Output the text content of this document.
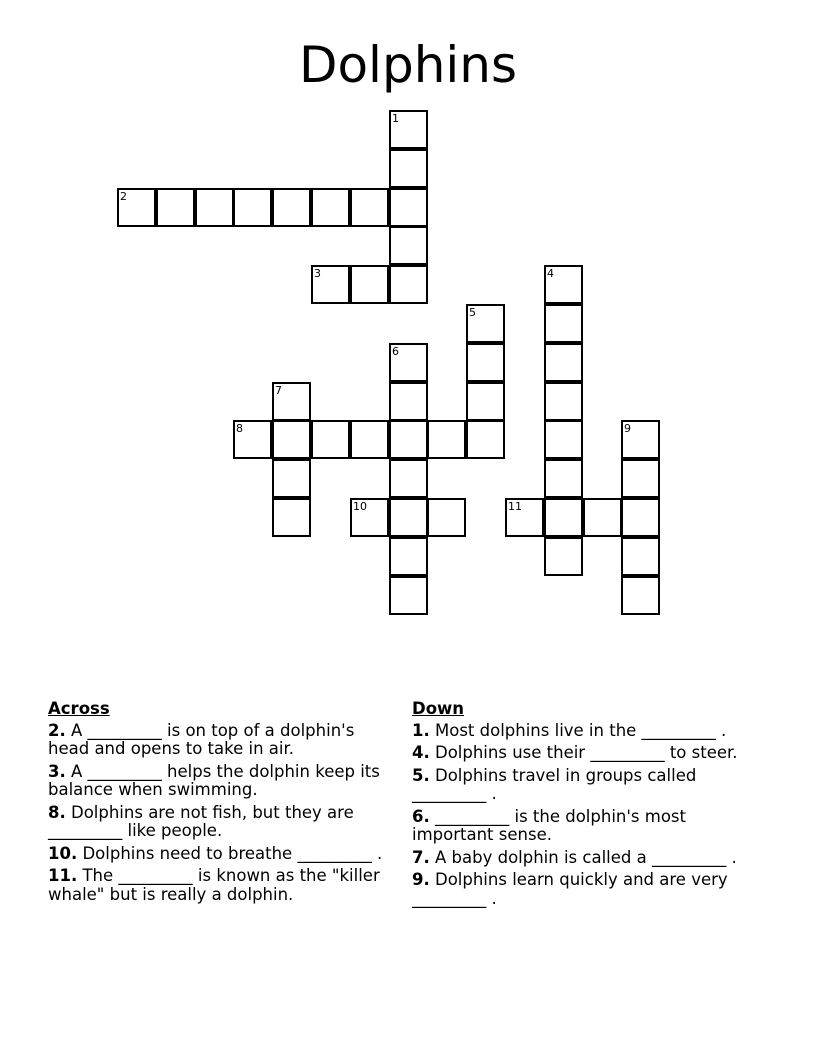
Dolphins
1
2
3	4
5
6
7
8	9
10	11
Across
2. A _________ is on top of a dolphin's head and opens to take in air.
3. A _________ helps the dolphin keep its balance when swimming.
8. Dolphins are not fish, but they are _________ like people.
10. Dolphins need to breathe _________ .
11. The _________ is known as the "killer whale" but is really a dolphin.
Down
1. Most dolphins live in the _________ .
4. Dolphins use their _________ to steer.
5. Dolphins travel in groups called _________ .
6. _________ is the dolphin's most important sense.
7. A baby dolphin is called a _________ .
9. Dolphins learn quickly and are very _________ .
